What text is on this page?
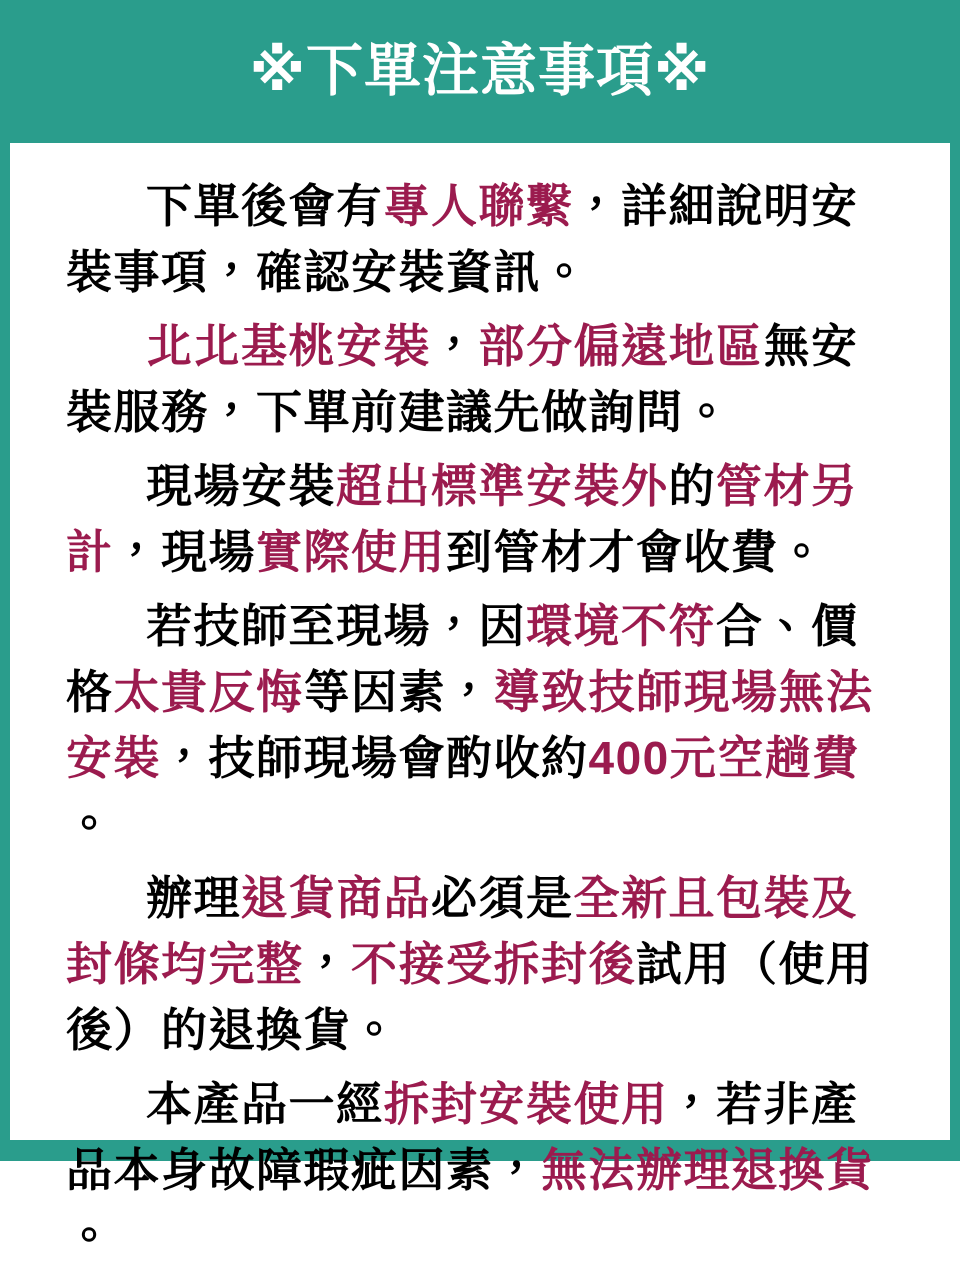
※下單注意事項※

下單後會有專人聯繫，詳細說明安裝事項，確認安裝資訊。

北北基桃安裝，部分偏遠地區無安裝服務，下單前建議先做詢問。

現場安裝超出標準安裝外的管材另計，現場實際使用到管材才會收費。

若技師至現場，因環境不符合、價格太貴反悔等因素，導致技師現場無法安裝，技師現場會酌收約400元空趟費。

辦理退貨商品必須是全新且包裝及封條均完整，不接受拆封後試用（使用後）的退換貨。

本產品一經拆封安裝使用，若非產品本身故障瑕疵因素，無法辦理退換貨。
